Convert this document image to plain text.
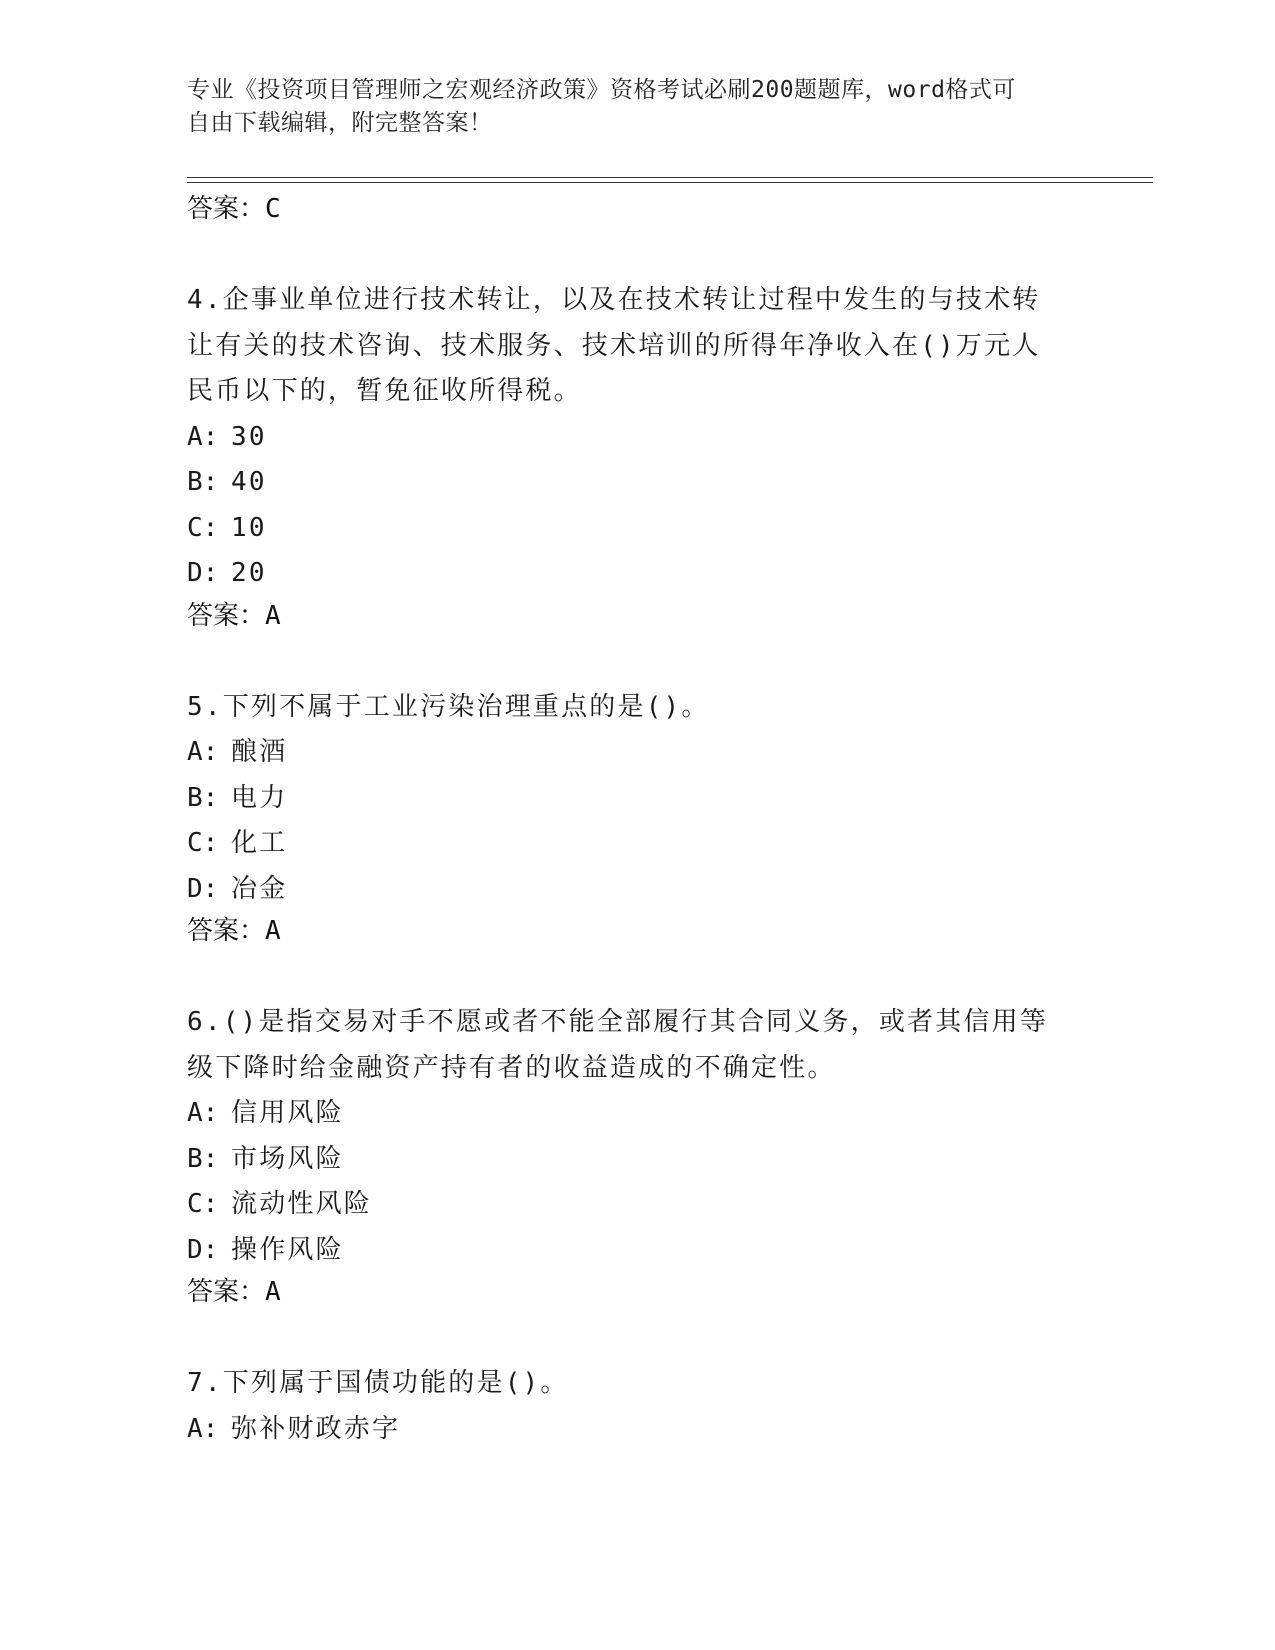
专业《投资项目管理师之宏观经济政策》资格考试必刷200题题库，word格式可
自由下载编辑，附完整答案！
答案：C
4.企事业单位进行技术转让，以及在技术转让过程中发生的与技术转
让有关的技术咨询、技术服务、技术培训的所得年净收入在()万元人
民币以下的，暂免征收所得税。
A: 30
B: 40
C: 10
D: 20
答案：A
5.下列不属于工业污染治理重点的是()。
A: 酿酒
B: 电力
C: 化工
D: 冶金
答案：A
6.()是指交易对手不愿或者不能全部履行其合同义务，或者其信用等
级下降时给金融资产持有者的收益造成的不确定性。
A: 信用风险
B: 市场风险
C: 流动性风险
D: 操作风险
答案：A
7.下列属于国债功能的是()。
A: 弥补财政赤字
